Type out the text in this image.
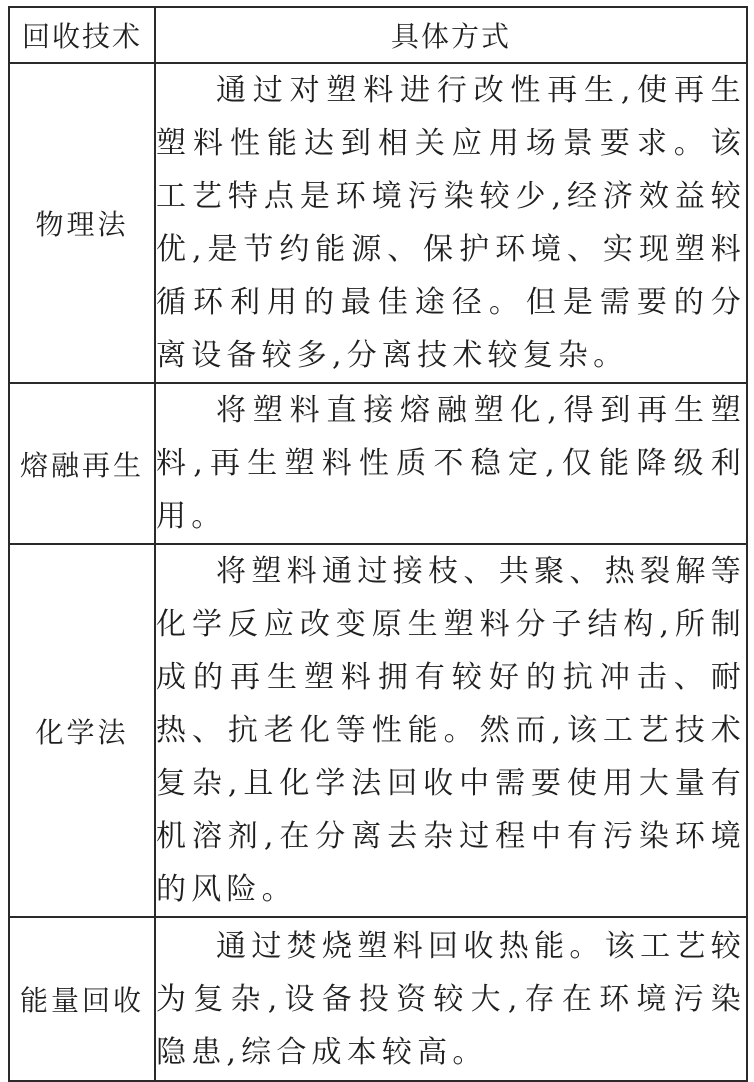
回收技术	具体方式
物理法	通过对塑料进行改性再生,使再生塑料性能达到相关应用场景要求。该工艺特点是环境污染较少,经济效益较优,是节约能源、保护环境、实现塑料循环利用的最佳途径。但是需要的分离设备较多,分离技术较复杂。

熔融再生	将塑料直接熔融塑化,得到再生塑料,再生塑料性质不稳定,仅能降级利用。

化学法	将塑料通过接枝、共聚、热裂解等化学反应改变原生塑料分子结构,所制成的再生塑料拥有较好的抗冲击、耐热、抗老化等性能。然而,该工艺技术复杂,且化学法回收中需要使用大量有机溶剂,在分离去杂过程中有污染环境的风险。

能量回收	通过焚烧塑料回收热能。该工艺较为复杂,设备投资较大,存在环境污染隐患,综合成本较高。
